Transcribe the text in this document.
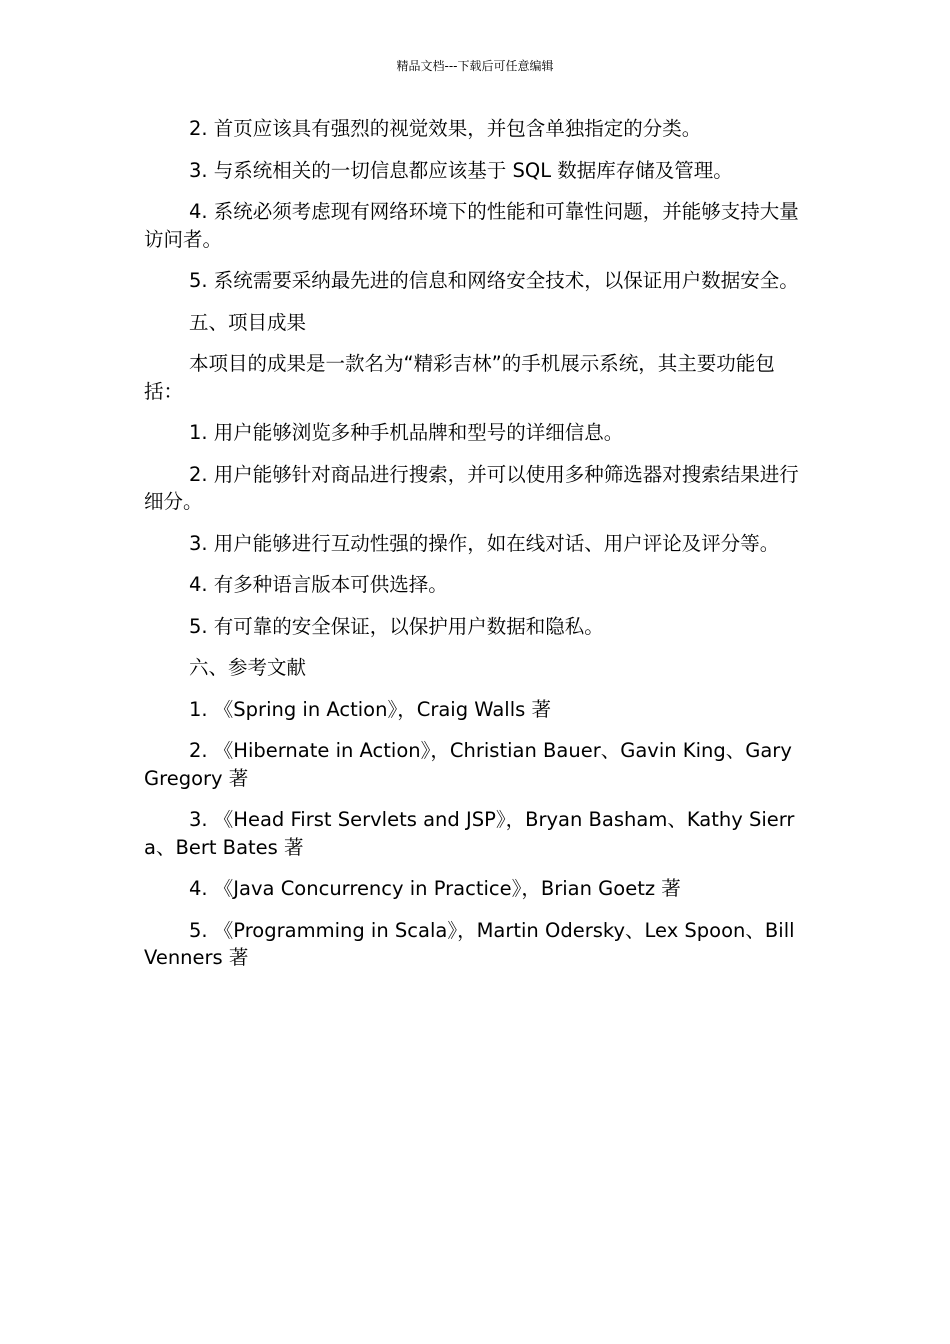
精品文档---下载后可任意编辑

2. 首页应该具有强烈的视觉效果，并包含单独指定的分类。

3. 与系统相关的一切信息都应该基于 SQL 数据库存储及管理。

4. 系统必须考虑现有网络环境下的性能和可靠性问题，并能够支持大量访问者。

5. 系统需要采纳最先进的信息和网络安全技术，以保证用户数据安全。

五、项目成果

本项目的成果是一款名为“精彩吉林”的手机展示系统，其主要功能包括：

1. 用户能够浏览多种手机品牌和型号的详细信息。

2. 用户能够针对商品进行搜索，并可以使用多种筛选器对搜索结果进行细分。

3. 用户能够进行互动性强的操作，如在线对话、用户评论及评分等。

4. 有多种语言版本可供选择。

5. 有可靠的安全保证，以保护用户数据和隐私。

六、参考文献

1. 《Spring in Action》，Craig Walls 著

2. 《Hibernate in Action》，Christian Bauer、Gavin King、Gary Gregory 著

3. 《Head First Servlets and JSP》，Bryan Basham、Kathy Sierra、Bert Bates 著

4. 《Java Concurrency in Practice》，Brian Goetz 著

5. 《Programming in Scala》，Martin Odersky、Lex Spoon、Bill Venners 著
